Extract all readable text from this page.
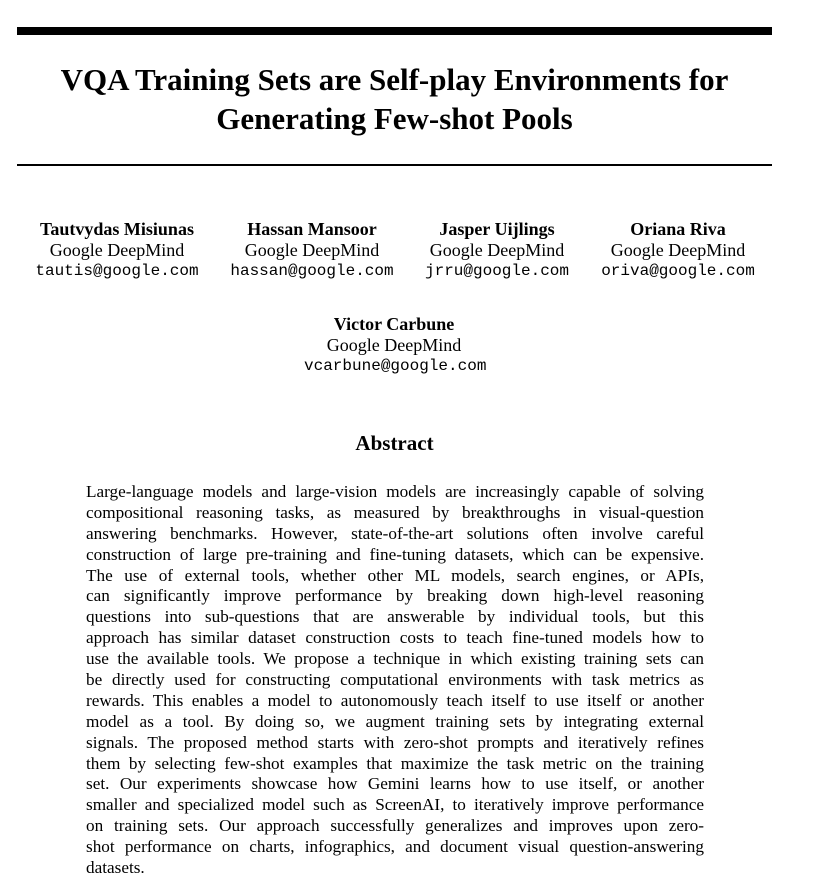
VQA Training Sets are Self-play Environments for
Generating Few-shot Pools
Tautvydas Misiunas
Google DeepMind
tautis@google.com
Hassan Mansoor
Google DeepMind
hassan@google.com
Jasper Uijlings
Google DeepMind
jrru@google.com
Oriana Riva
Google DeepMind
oriva@google.com
Victor Carbune
Google DeepMind
vcarbune@google.com
Abstract
Large-language models and large-vision models are increasingly capable of solving
compositional reasoning tasks, as measured by breakthroughs in visual-question
answering benchmarks. However, state-of-the-art solutions often involve careful
construction of large pre-training and fine-tuning datasets, which can be expensive.
The use of external tools, whether other ML models, search engines, or APIs,
can significantly improve performance by breaking down high-level reasoning
questions into sub-questions that are answerable by individual tools, but this
approach has similar dataset construction costs to teach fine-tuned models how to
use the available tools. We propose a technique in which existing training sets can
be directly used for constructing computational environments with task metrics as
rewards. This enables a model to autonomously teach itself to use itself or another
model as a tool. By doing so, we augment training sets by integrating external
signals. The proposed method starts with zero-shot prompts and iteratively refines
them by selecting few-shot examples that maximize the task metric on the training
set. Our experiments showcase how Gemini learns how to use itself, or another
smaller and specialized model such as ScreenAI, to iteratively improve performance
on training sets. Our approach successfully generalizes and improves upon zero-
shot performance on charts, infographics, and document visual question-answering
datasets.
